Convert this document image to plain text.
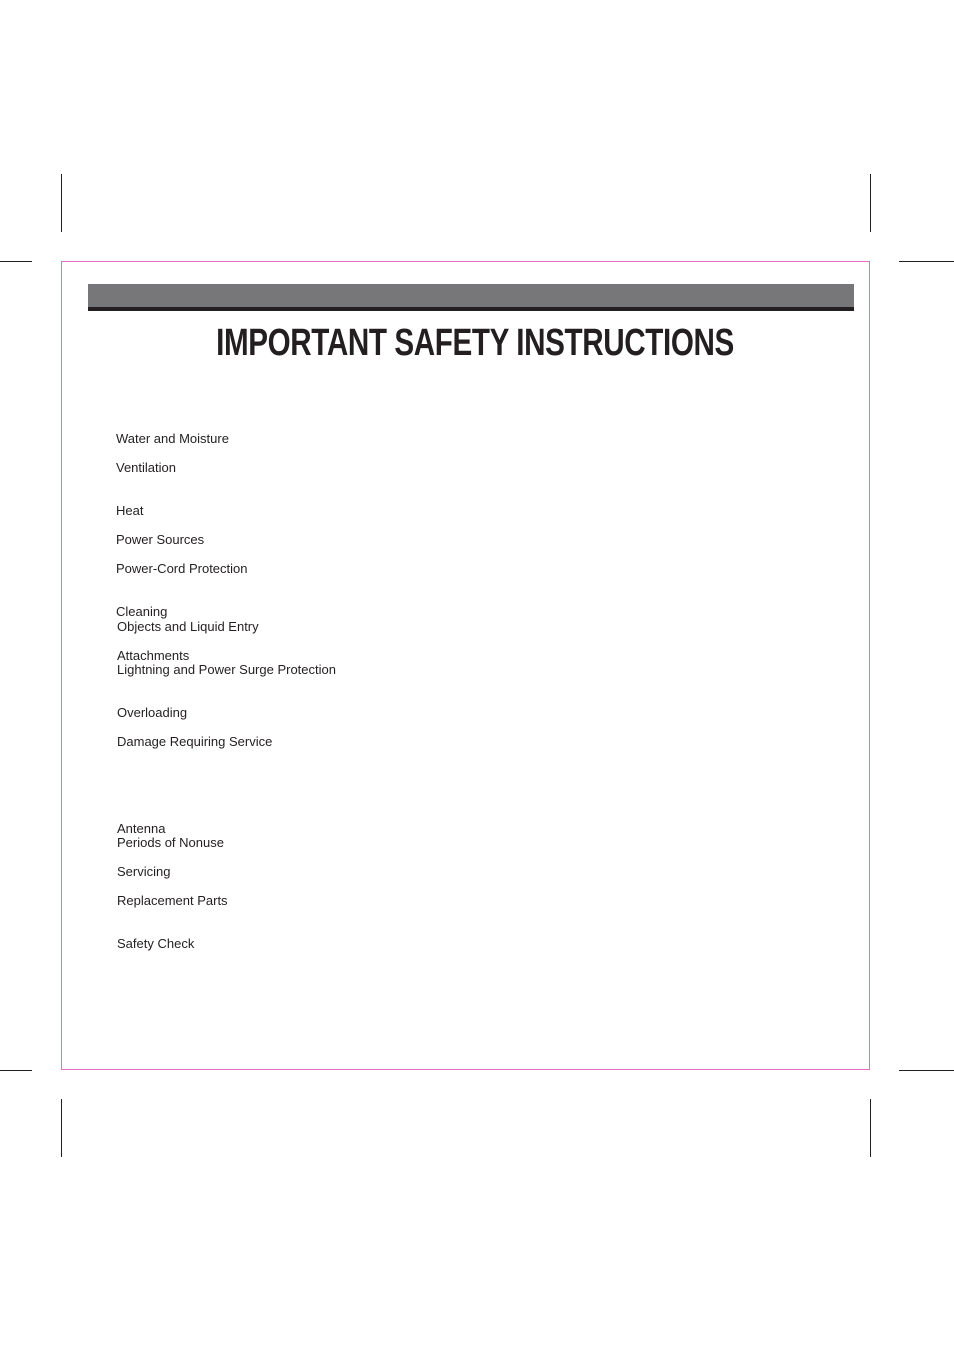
IMPORTANT SAFETY INSTRUCTIONS
Water and Moisture
Ventilation
Heat
Power Sources
Power-Cord Protection
Cleaning
Objects and Liquid Entry
Attachments
Lightning and Power Surge Protection
Overloading
Damage Requiring Service
Antenna
Periods of Nonuse
Servicing
Replacement Parts
Safety Check
